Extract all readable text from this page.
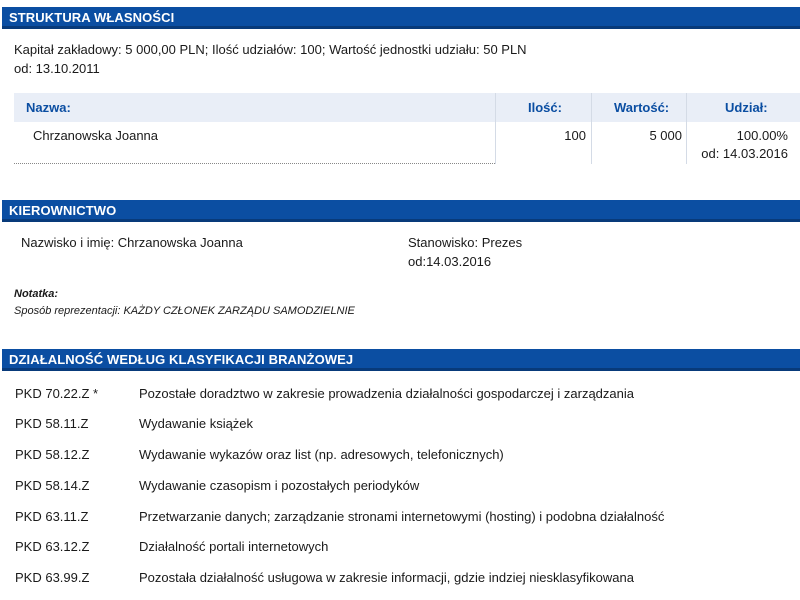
STRUKTURA WŁASNOŚCI
Kapitał zakładowy: 5 000,00 PLN; Ilość udziałów: 100; Wartość jednostki udziału: 50 PLN
od: 13.10.2011
Nazwa:	Ilość:	Wartość:	Udział:
Chrzanowska Joanna	100	5 000	100.00%
od: 14.03.2016
KIEROWNICTWO
Nazwisko i imię: Chrzanowska Joanna	Stanowisko: Prezes
od:14.03.2016
Notatka:
Sposób reprezentacji: KAŻDY CZŁONEK ZARZĄDU SAMODZIELNIE
DZIAŁALNOŚĆ WEDŁUG KLASYFIKACJI BRANŻOWEJ
PKD 70.22.Z *	Pozostałe doradztwo w zakresie prowadzenia działalności gospodarczej i zarządzania
PKD 58.11.Z	Wydawanie książek
PKD 58.12.Z	Wydawanie wykazów oraz list (np. adresowych, telefonicznych)
PKD 58.14.Z	Wydawanie czasopism i pozostałych periodyków
PKD 63.11.Z	Przetwarzanie danych; zarządzanie stronami internetowymi (hosting) i podobna działalność
PKD 63.12.Z	Działalność portali internetowych
PKD 63.99.Z	Pozostała działalność usługowa w zakresie informacji, gdzie indziej niesklasyfikowana
